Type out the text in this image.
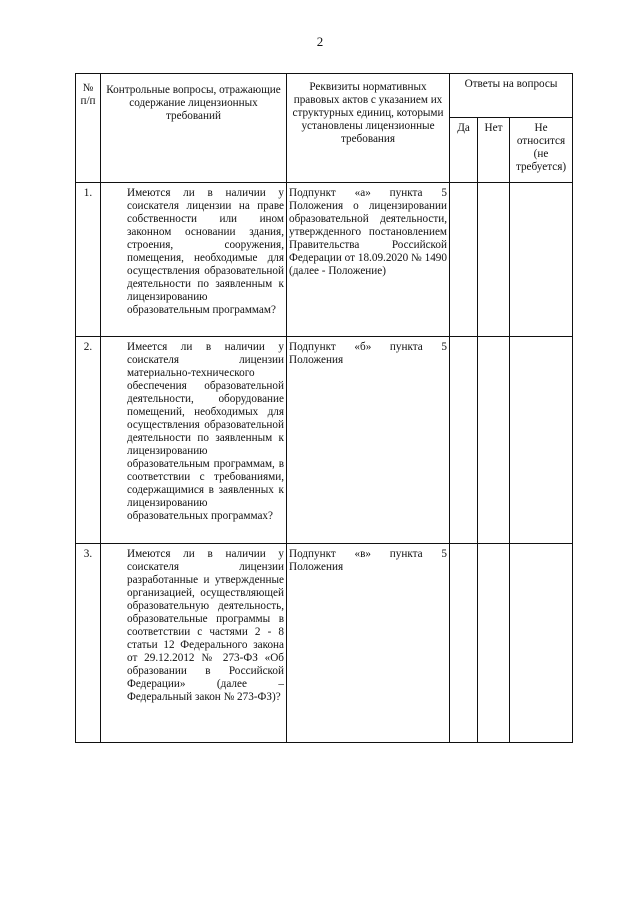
2
№ п/п	Контрольные вопросы, отражающие содержание лицензионных требований	Реквизиты нормативных правовых актов с указанием их структурных единиц, которыми установлены лицензионные требования	Ответы на вопросы		
			Да	Нет	Не относится (не требуется)
1.	Имеются ли в наличии у соискателя лицензии на праве собственности или ином законном основании здания, строения, сооружения, помещения, необходимые для осуществления образовательной деятельности по заявленным к лицензированию образовательным программам?	Подпункт «а» пункта 5 Положения о лицензировании образовательной деятельности, утвержденного постановлением Правительства Российской Федерации от 18.09.2020 № 1490 (далее - Положение)			
2.	Имеется ли в наличии у соискателя лицензии материально-технического обеспечения образовательной деятельности, оборудование помещений, необходимых для осуществления образовательной деятельности по заявленным к лицензированию образовательным программам, в соответствии с требованиями, содержащимися в заявленных к лицензированию образовательных программах?	Подпункт «б» пункта 5 Положения			
3.	Имеются ли в наличии у соискателя лицензии разработанные и утвержденные организацией, осуществляющей образовательную деятельность, образовательные программы в соответствии с частями 2 - 8 статьи 12 Федерального закона от 29.12.2012 № 273-ФЗ «Об образовании в Российской Федерации» (далее – Федеральный закон № 273-ФЗ)?	Подпункт «в» пункта 5 Положения			
